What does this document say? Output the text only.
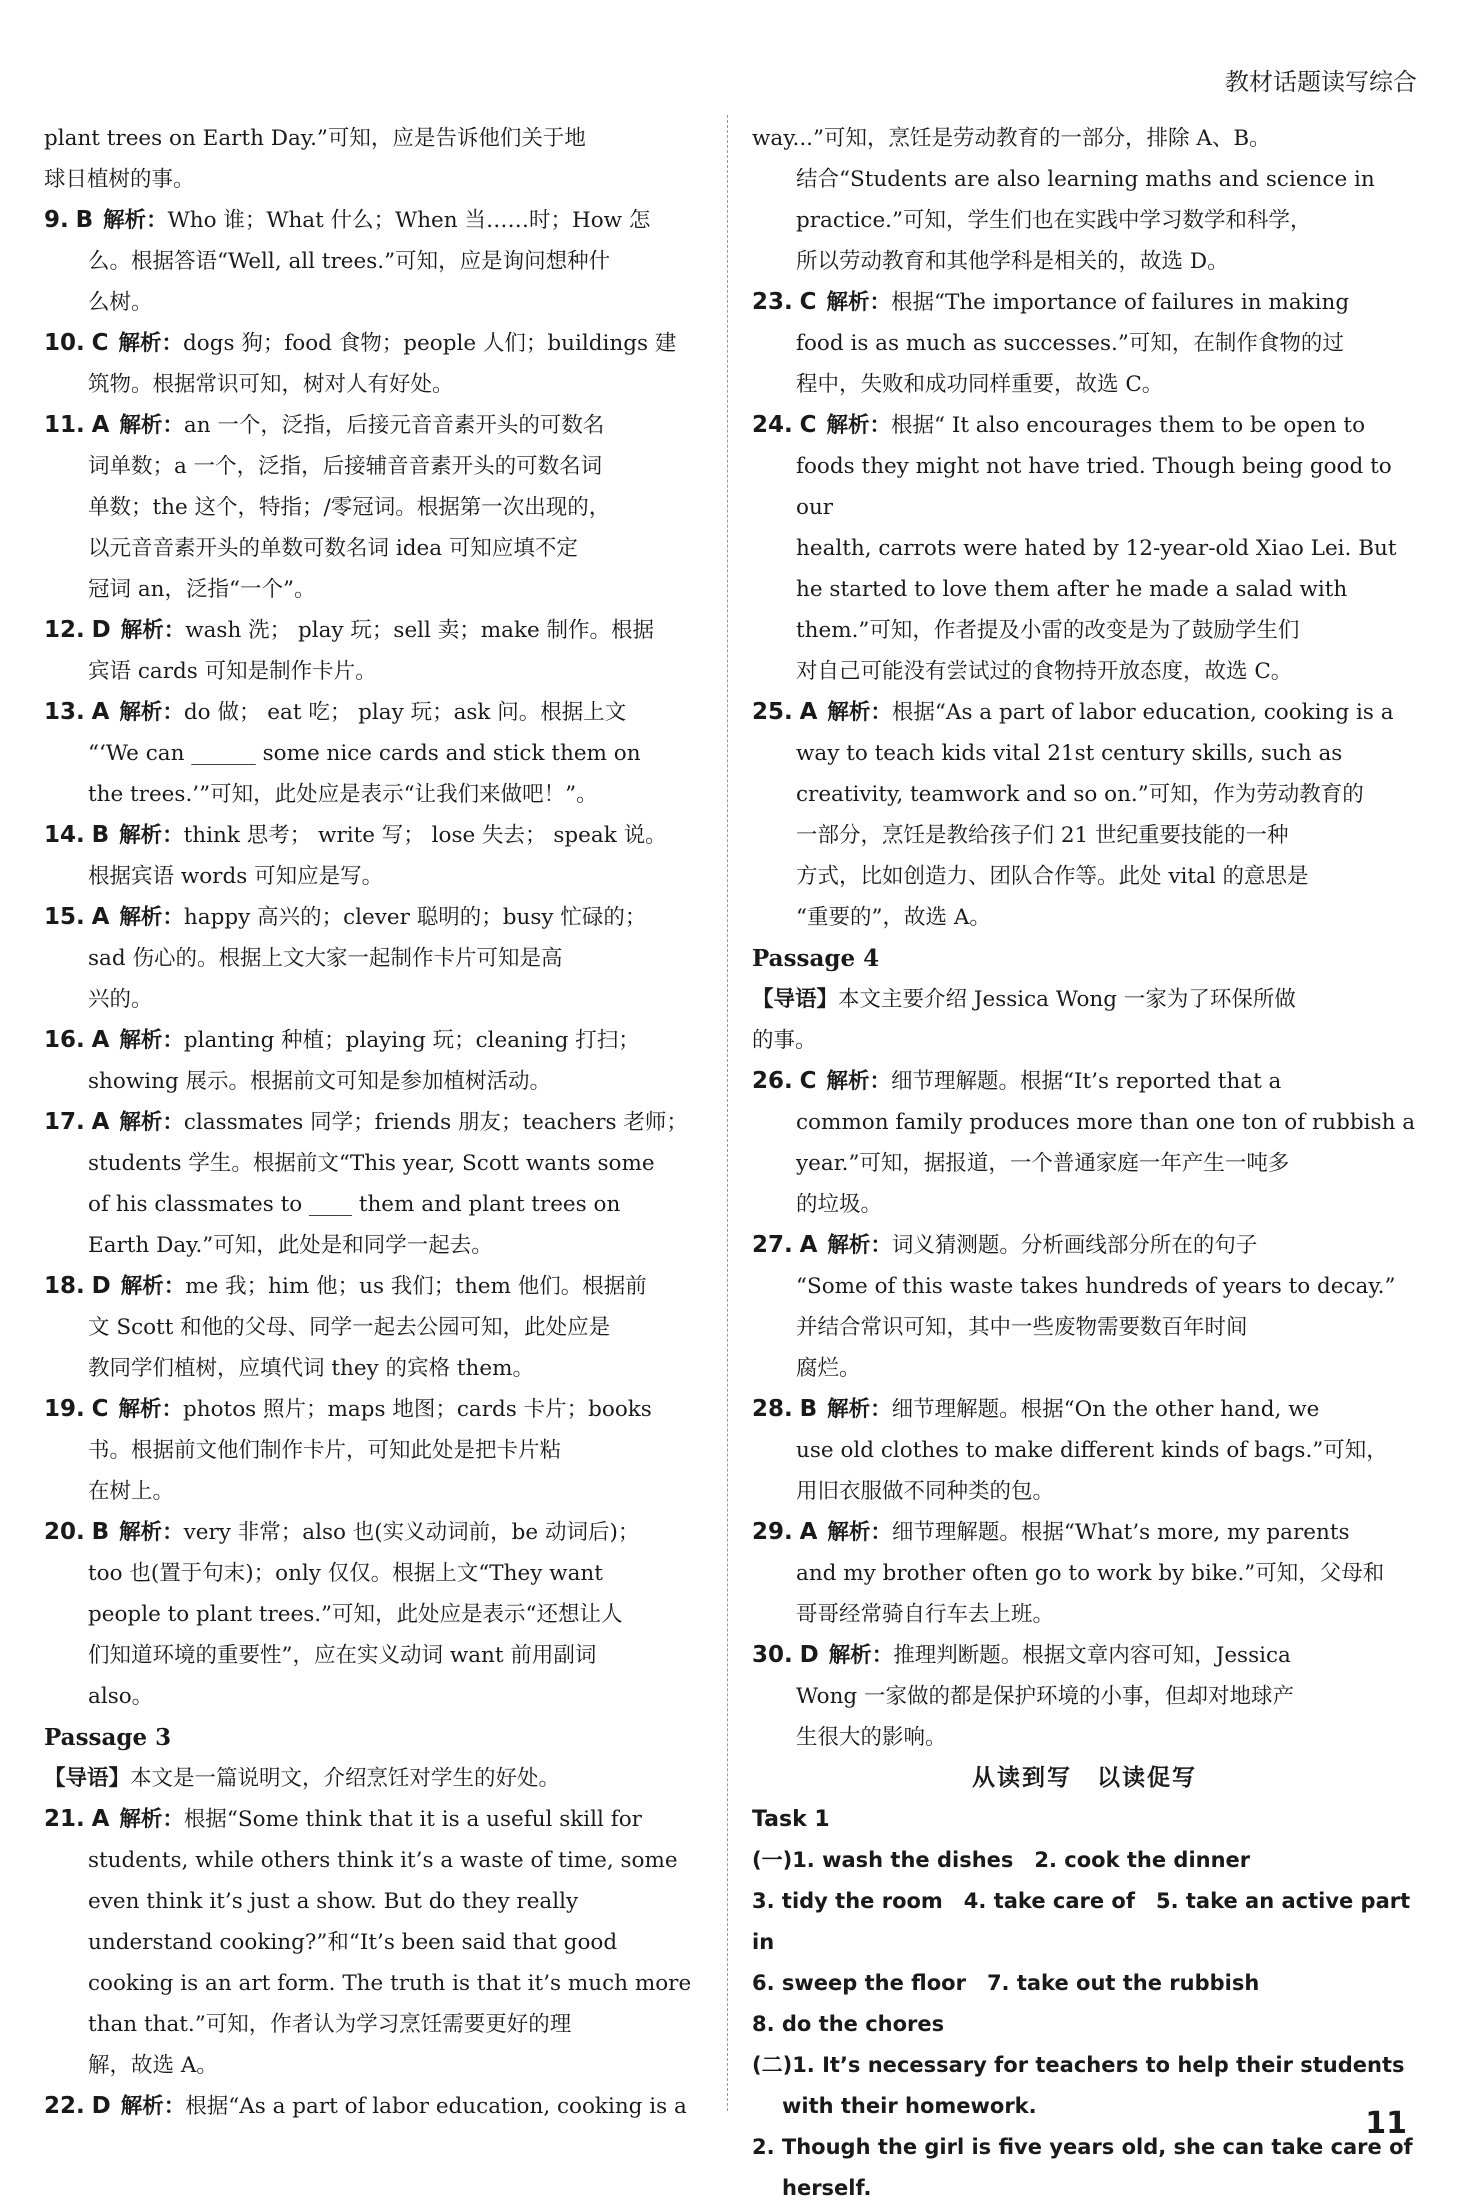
教材话题读写综合
plant trees on Earth Day.”可知，应是告诉他们关于地
球日植树的事。
9. B 解析：Who 谁；What 什么；When 当……时；How 怎
么。根据答语“Well, all trees.”可知，应是询问想种什
么树。
10. C 解析：dogs 狗；food 食物；people 人们；buildings 建
筑物。根据常识可知，树对人有好处。
11. A 解析：an 一个，泛指，后接元音音素开头的可数名
词单数；a 一个，泛指，后接辅音音素开头的可数名词
单数；the 这个，特指；/零冠词。根据第一次出现的，
以元音音素开头的单数可数名词 idea 可知应填不定
冠词 an，泛指“一个”。
12. D 解析：wash 洗； play 玩；sell 卖；make 制作。根据
宾语 cards 可知是制作卡片。
13. A 解析：do 做； eat 吃； play 玩；ask 问。根据上文
“‘We can ______ some nice cards and stick them on
the trees.’”可知，此处应是表示“让我们来做吧！”。
14. B 解析：think 思考； write 写； lose 失去； speak 说。
根据宾语 words 可知应是写。
15. A 解析：happy 高兴的；clever 聪明的；busy 忙碌的；
sad 伤心的。根据上文大家一起制作卡片可知是高
兴的。
16. A 解析：planting 种植；playing 玩；cleaning 打扫；
showing 展示。根据前文可知是参加植树活动。
17. A 解析：classmates 同学；friends 朋友；teachers 老师；
students 学生。根据前文“This year, Scott wants some
of his classmates to ____ them and plant trees on
Earth Day.”可知，此处是和同学一起去。
18. D 解析：me 我；him 他；us 我们；them 他们。根据前
文 Scott 和他的父母、同学一起去公园可知，此处应是
教同学们植树，应填代词 they 的宾格 them。
19. C 解析：photos 照片；maps 地图；cards 卡片；books
书。根据前文他们制作卡片，可知此处是把卡片粘
在树上。
20. B 解析：very 非常；also 也(实义动词前，be 动词后)；
too 也(置于句末)；only 仅仅。根据上文“They want
people to plant trees.”可知，此处应是表示“还想让人
们知道环境的重要性”，应在实义动词 want 前用副词
also。
Passage 3
【导语】本文是一篇说明文，介绍烹饪对学生的好处。
21. A 解析：根据“Some think that it is a useful skill for
students, while others think it’s a waste of time, some
even think it’s just a show. But do they really
understand cooking?”和“It’s been said that good
cooking is an art form. The truth is that it’s much more
than that.”可知，作者认为学习烹饪需要更好的理
解，故选 A。
22. D 解析：根据“As a part of labor education, cooking is a
way...”可知，烹饪是劳动教育的一部分，排除 A、B。
结合“Students are also learning maths and science in
practice.”可知，学生们也在实践中学习数学和科学，
所以劳动教育和其他学科是相关的，故选 D。
23. C 解析：根据“The importance of failures in making
food is as much as successes.”可知，在制作食物的过
程中，失败和成功同样重要，故选 C。
24. C 解析：根据“ It also encourages them to be open to
foods they might not have tried. Though being good to our
health, carrots were hated by 12-year-old Xiao Lei. But
he started to love them after he made a salad with
them.”可知，作者提及小雷的改变是为了鼓励学生们
对自己可能没有尝试过的食物持开放态度，故选 C。
25. A 解析：根据“As a part of labor education, cooking is a
way to teach kids vital 21st century skills, such as
creativity, teamwork and so on.”可知，作为劳动教育的
一部分，烹饪是教给孩子们 21 世纪重要技能的一种
方式，比如创造力、团队合作等。此处 vital 的意思是
“重要的”，故选 A。
Passage 4
【导语】本文主要介绍 Jessica Wong 一家为了环保所做
的事。
26. C 解析：细节理解题。根据“It’s reported that a
common family produces more than one ton of rubbish a
year.”可知，据报道，一个普通家庭一年产生一吨多
的垃圾。
27. A 解析：词义猜测题。分析画线部分所在的句子
“Some of this waste takes hundreds of years to decay.”
并结合常识可知，其中一些废物需要数百年时间
腐烂。
28. B 解析：细节理解题。根据“On the other hand, we
use old clothes to make different kinds of bags.”可知，
用旧衣服做不同种类的包。
29. A 解析：细节理解题。根据“What’s more, my parents
and my brother often go to work by bike.”可知，父母和
哥哥经常骑自行车去上班。
30. D 解析：推理判断题。根据文章内容可知，Jessica
Wong 一家做的都是保护环境的小事，但却对地球产
生很大的影响。
从读到写　以读促写
Task 1
(一)1. wash the dishes　2. cook the dinner
3. tidy the room　4. take care of　5. take an active part in
6. sweep the floor　7. take out the rubbish
8. do the chores
(二)1. It’s necessary for teachers to help their students
with their homework.
2. Though the girl is five years old, she can take care of
herself.
11
